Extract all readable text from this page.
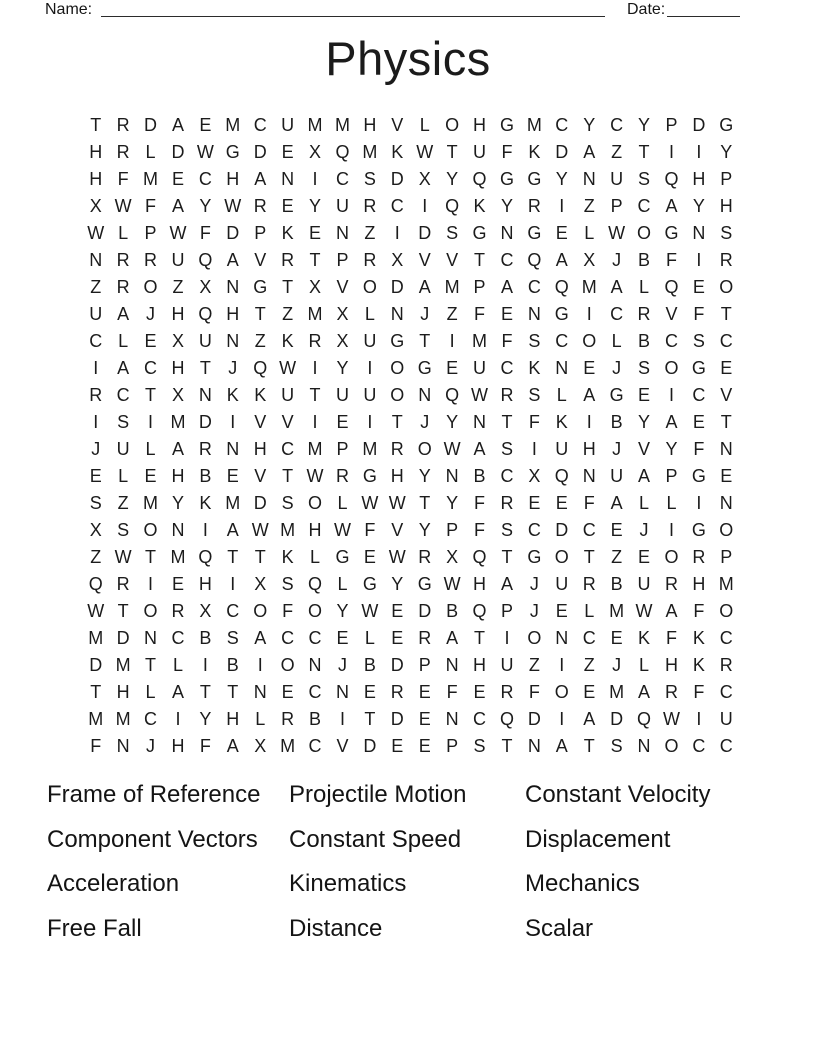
Name:	Date:
Physics
T R D A E M C U M M H V L O H G M C Y C Y P D G
H R L D W G D E X Q M K W T U F K D A Z T	I	I	Y
H F M E C H A N	I	C S D X Y Q G G Y N U S Q H P
X W F A Y W R E Y U R C	I Q K Y R	I	Z P C A Y H
W L P W F D P K E N Z	I	D S G N G E L W O G N S
N R R U Q A V R T P R X V V T C Q A X J B F	I	R
Z R O Z X N G T X V O D A M P A C Q M A L Q E O
U A J H Q H T Z M X L N J Z F E N G I	C R V F T
C L E X U N Z K R X U G T	I M F S C O L B C S C
I	A C H T J Q W I	Y	I O G E U C K N E J S O G E
R C T X N K K U T U U O N Q W R S L A G E	I	C V
I	S	I M D	I	V V	I	E	I	T J Y N T F K	I	B Y A E T
J U L A R N H C M P M R O W A S	I	U H J V Y F N
E L E H B E V T W R G H Y N B C X Q N U A P G E
S Z M Y K M D S O L W W T Y F R E E F A L L	I	N
X S O N	I	A W M H W F V Y P F S C D C E J	I G O
Z W T M Q T T K L G E W R X Q T G O T Z E O R P
Q R	I	E H	I	X S Q L G Y G W H A J U R B U R H M
W T O R X C O F O Y W E D B Q P J E L M W A F O
M D N C B S A C C E L E R A T	I O N C E K F K C
D M T L	I	B	I O N J B D P N H U Z	I	Z J L H K R
T H L A T T N E C N E R E F E R F O E M A R F C
M M C	I	Y H L R B	I	T D E N C Q D	I	A D Q W I	U
F N J H F A X M C V D E E P S T N A T S N O C C
Frame of Reference	Projectile Motion	Constant Velocity
Component Vectors	Constant Speed	Displacement
Acceleration	Kinematics	Mechanics
Free Fall	Distance	Scalar
